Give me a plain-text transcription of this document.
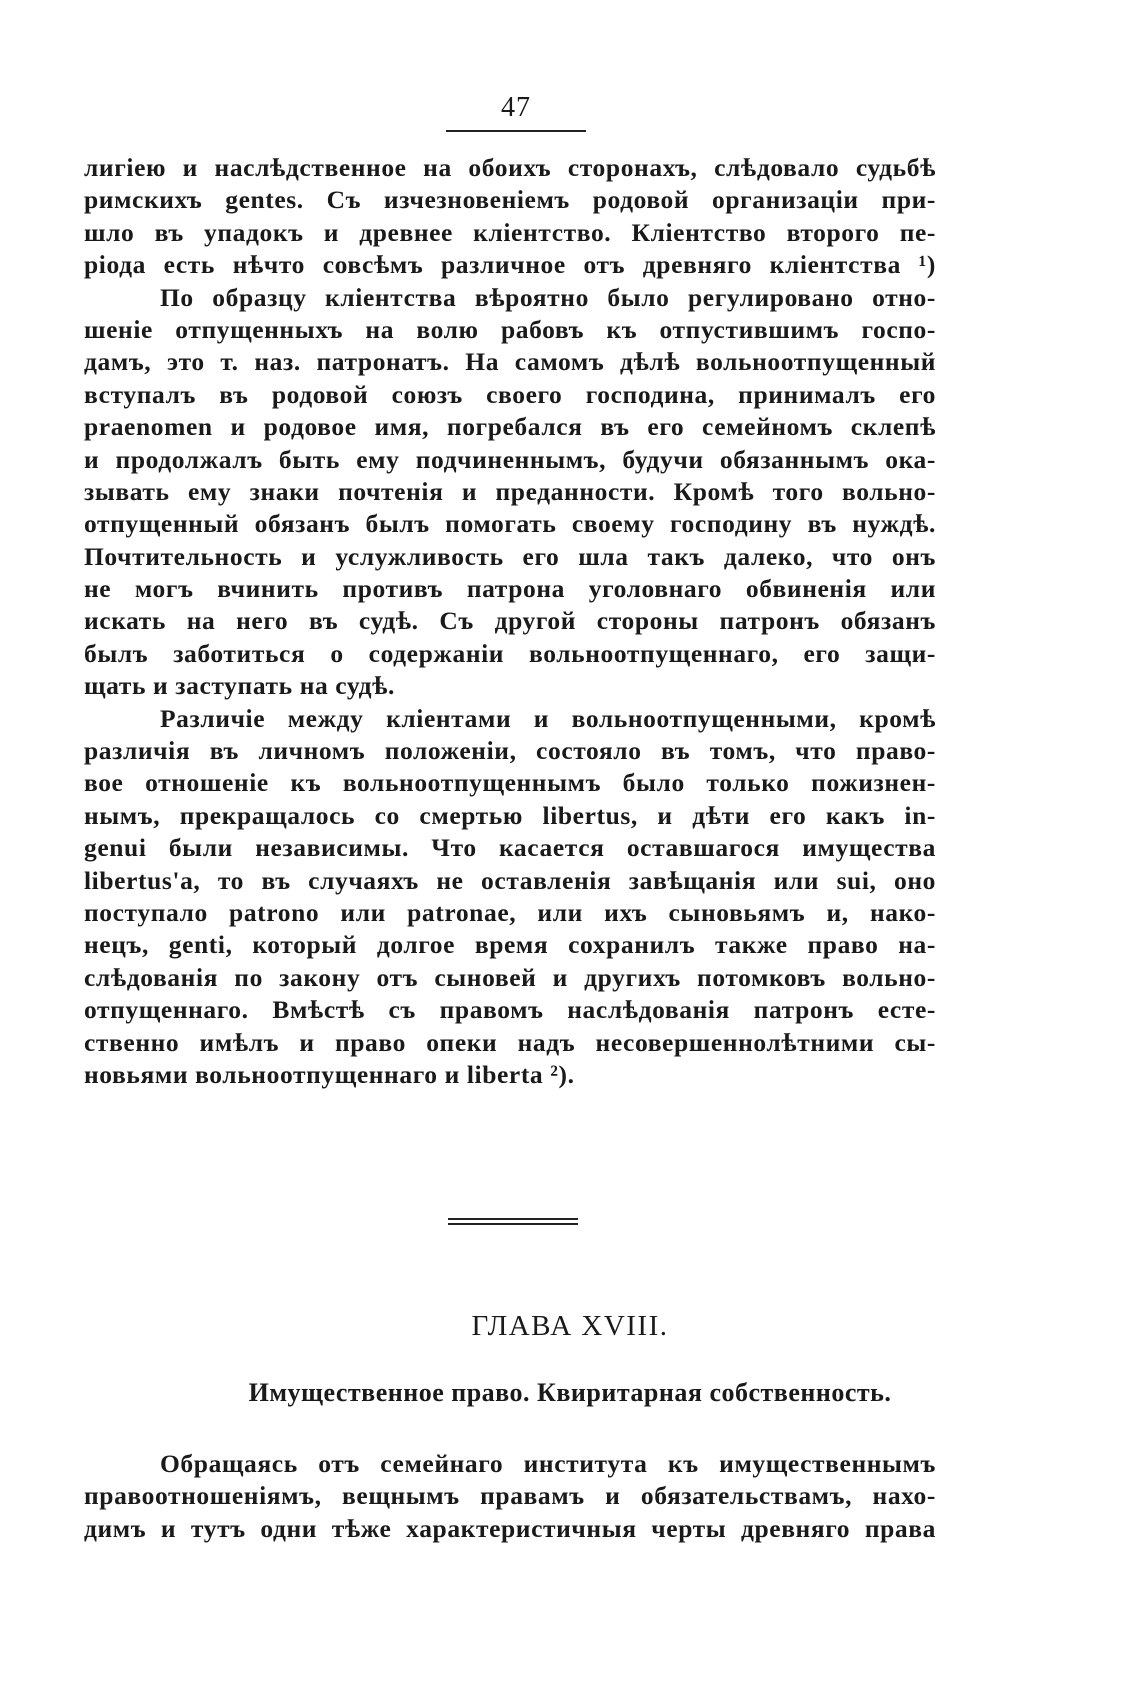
47
лигіею и наслѣдственное на обоихъ сторонахъ, слѣдовало судьбѣ
римскихъ gentes. Съ изчезновеніемъ родовой организаціи при-
шло въ упадокъ и древнее кліентство. Кліентство второго пе-
ріода есть нѣчто совсѣмъ различное отъ древняго кліентства ¹)
По образцу кліентства вѣроятно было регулировано отно-
шеніе отпущенныхъ на волю рабовъ къ отпустившимъ госпо-
дамъ, это т. наз. патронатъ. На самомъ дѣлѣ вольноотпущенный
вступалъ въ родовой союзъ своего господина, принималъ его
praenomen и родовое имя, погребался въ его семейномъ склепѣ
и продолжалъ быть ему подчиненнымъ, будучи обязаннымъ ока-
зывать ему знаки почтенія и преданности. Кромѣ того вольно-
отпущенный обязанъ былъ помогать своему господину въ нуждѣ.
Почтительность и услужливость его шла такъ далеко, что онъ
не могъ вчинить противъ патрона уголовнаго обвиненія или
искать на него въ судѣ. Съ другой стороны патронъ обязанъ
былъ заботиться о содержаніи вольноотпущеннаго, его защи-
щать и заступать на судѣ.
Различіе между кліентами и вольноотпущенными, кромѣ
различія въ личномъ положеніи, состояло въ томъ, что право-
вое отношеніе къ вольноотпущеннымъ было только пожизнен-
нымъ, прекращалось со смертью libertus, и дѣти его какъ in-
genui были независимы. Что касается оставшагося имущества
libertus'a, то въ случаяхъ не оставленія завѣщанія или sui, оно
поступало patrono или patronae, или ихъ сыновьямъ и, нако-
нецъ, genti, который долгое время сохранилъ также право на-
слѣдованія по закону отъ сыновей и другихъ потомковъ вольно-
отпущеннаго. Вмѣстѣ съ правомъ наслѣдованія патронъ есте-
ственно имѣлъ и право опеки надъ несовершеннолѣтними сы-
новьями вольноотпущеннаго и liberta ²).
ГЛАВА XVIII.
Имущественное право. Квиритарная собственность.
Обращаясь отъ семейнаго института къ имущественнымъ
правоотношеніямъ, вещнымъ правамъ и обязательствамъ, нахо-
димъ и тутъ одни тѣже характеристичныя черты древняго права
